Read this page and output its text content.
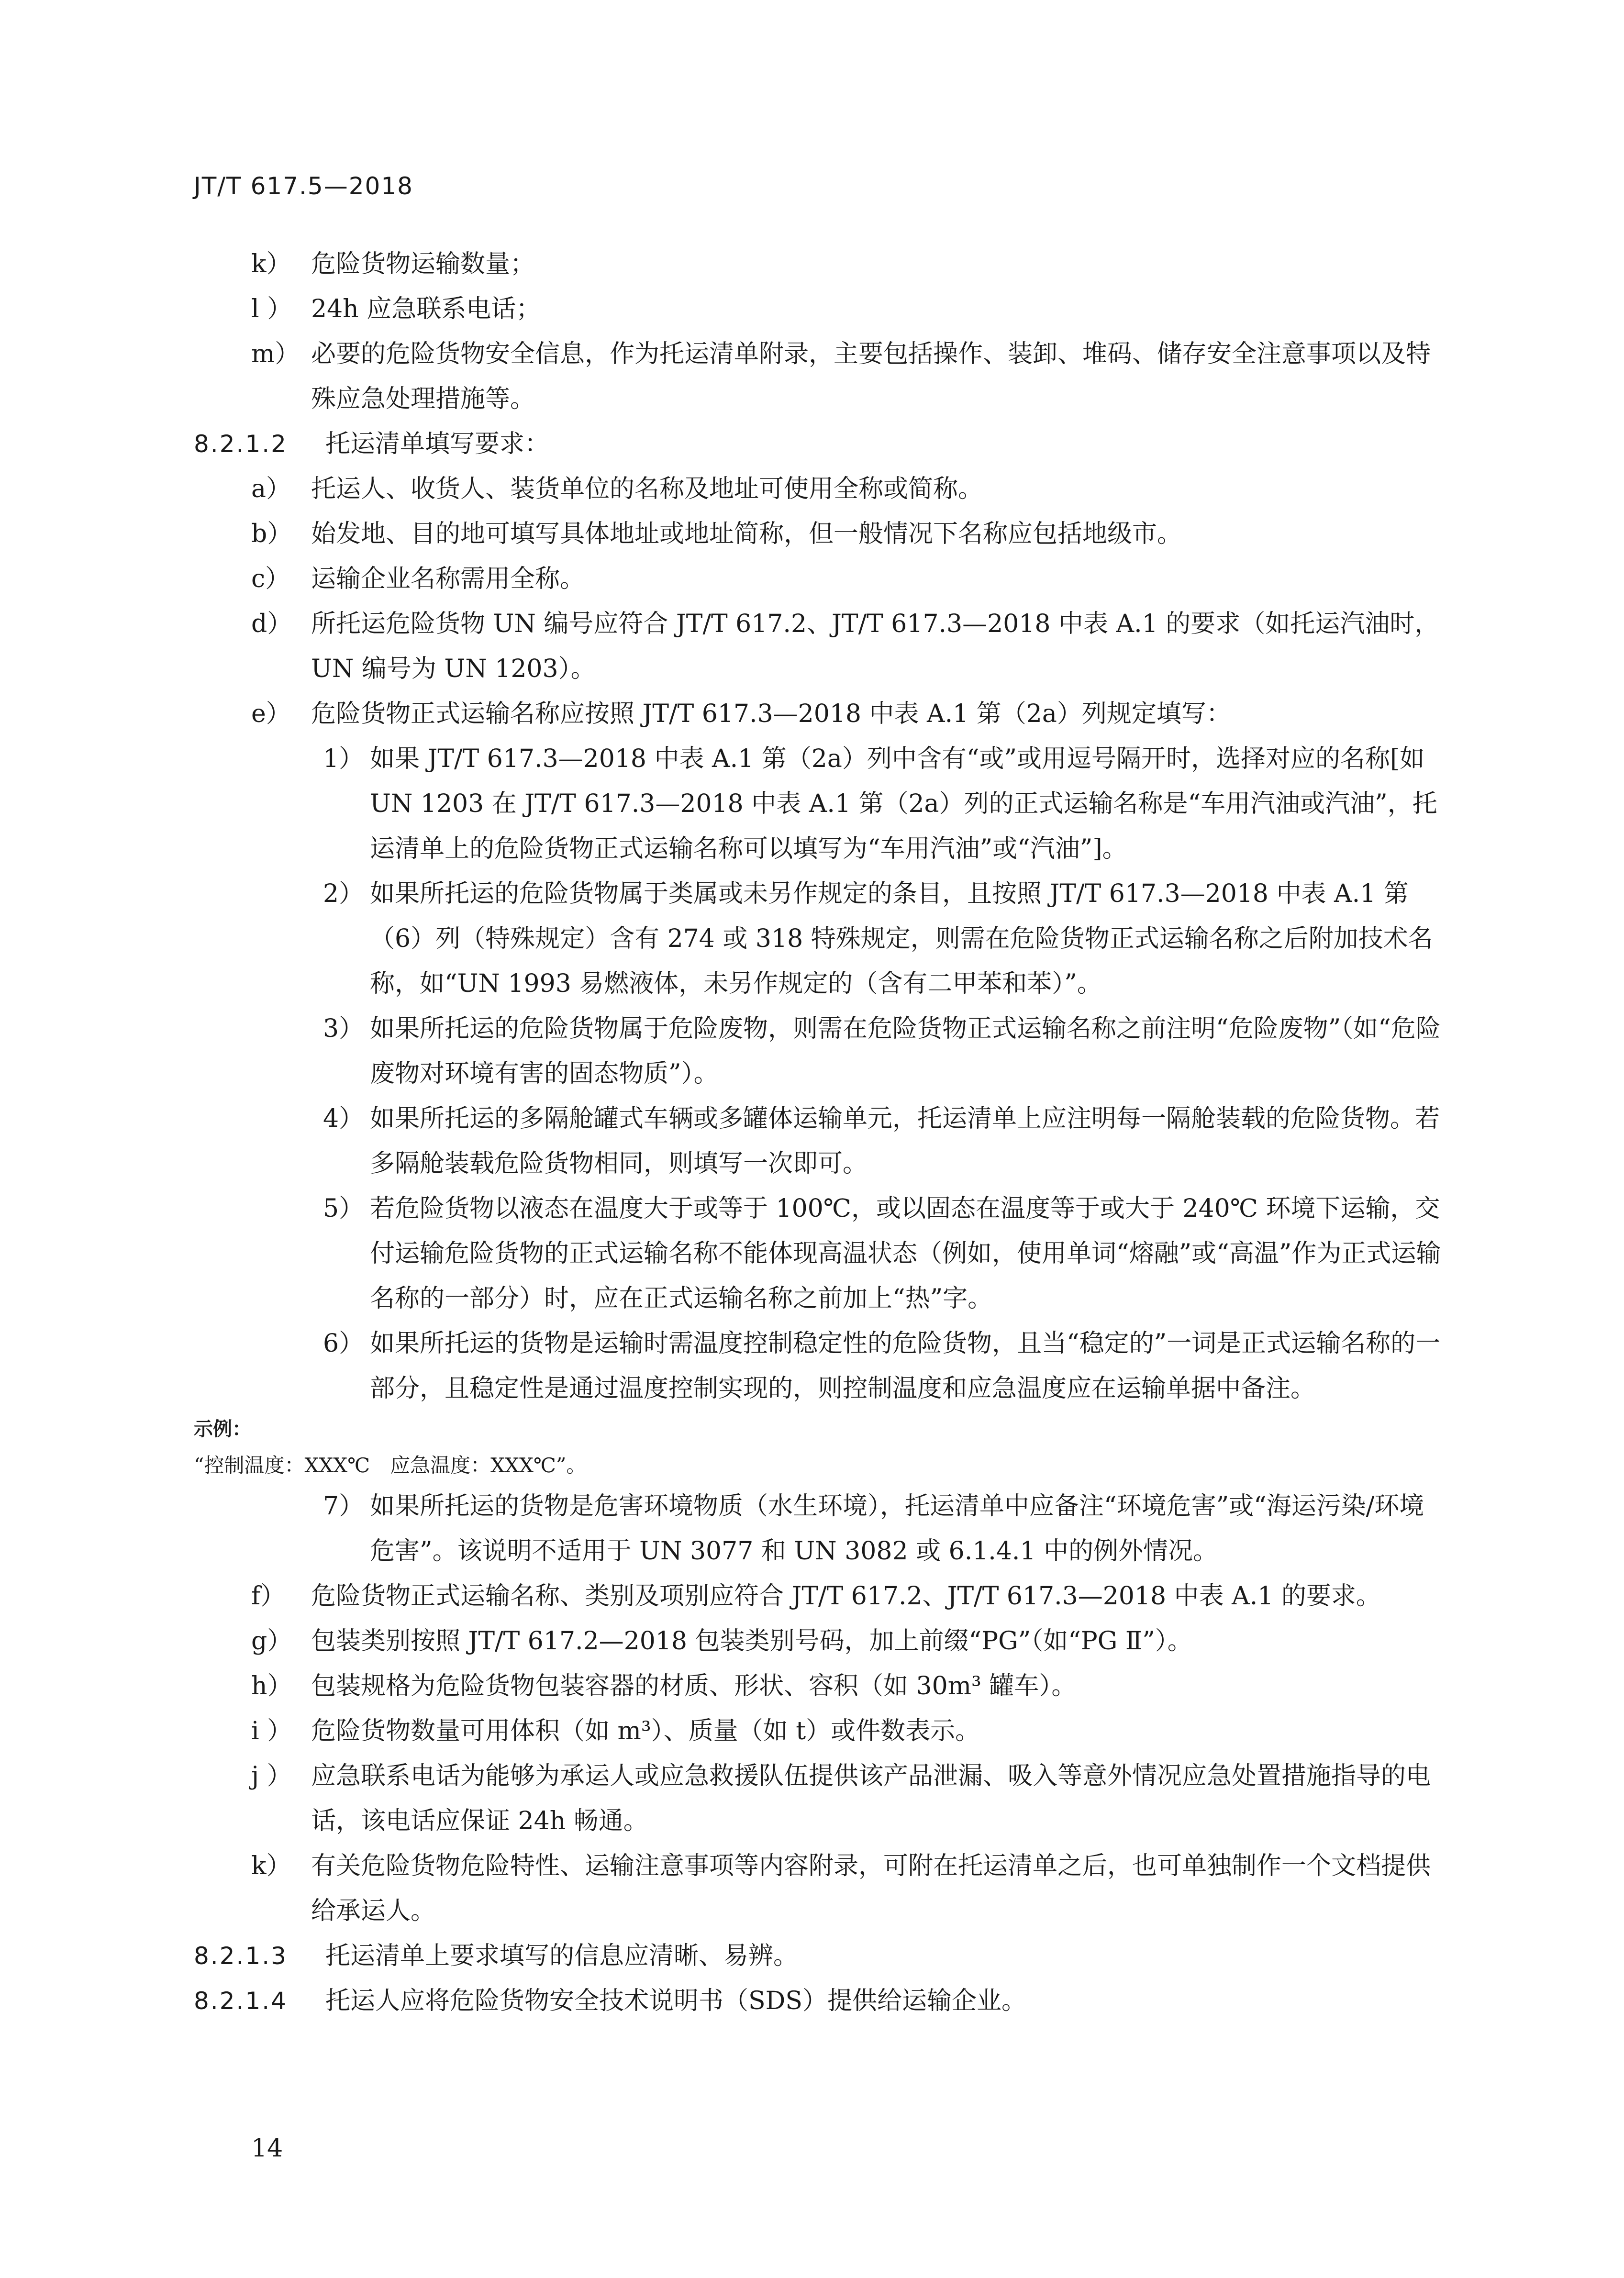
JT/T 617.5—2018
k） 危险货物运输数量；
l ） 24h 应急联系电话；
m） 必要的危险货物安全信息，作为托运清单附录，主要包括操作、装卸、堆码、储存安全注意事项以及特殊应急处理措施等。
8.2.1.2 托运清单填写要求：
a） 托运人、收货人、装货单位的名称及地址可使用全称或简称。
b） 始发地、目的地可填写具体地址或地址简称，但一般情况下名称应包括地级市。
c） 运输企业名称需用全称。
d） 所托运危险货物 UN 编号应符合 JT/T 617.2、JT/T 617.3—2018 中表 A.1 的要求（如托运汽油时，UN 编号为 UN 1203）。
e） 危险货物正式运输名称应按照 JT/T 617.3—2018 中表 A.1 第（2a）列规定填写：
1） 如果 JT/T 617.3—2018 中表 A.1 第（2a）列中含有“或”或用逗号隔开时，选择对应的名称[如 UN 1203 在 JT/T 617.3—2018 中表 A.1 第（2a）列的正式运输名称是“车用汽油或汽油”，托运清单上的危险货物正式运输名称可以填写为“车用汽油”或“汽油”]。
2） 如果所托运的危险货物属于类属或未另作规定的条目，且按照 JT/T 617.3—2018 中表 A.1 第（6）列（特殊规定）含有 274 或 318 特殊规定，则需在危险货物正式运输名称之后附加技术名称，如“UN 1993 易燃液体，未另作规定的（含有二甲苯和苯）”。
3） 如果所托运的危险货物属于危险废物，则需在危险货物正式运输名称之前注明“危险废物”（如“危险废物对环境有害的固态物质”）。
4） 如果所托运的多隔舱罐式车辆或多罐体运输单元，托运清单上应注明每一隔舱装载的危险货物。若多隔舱装载危险货物相同，则填写一次即可。
5） 若危险货物以液态在温度大于或等于 100℃，或以固态在温度等于或大于 240℃ 环境下运输，交付运输危险货物的正式运输名称不能体现高温状态（例如，使用单词“熔融”或“高温”作为正式运输名称的一部分）时，应在正式运输名称之前加上“热”字。
6） 如果所托运的货物是运输时需温度控制稳定性的危险货物，且当“稳定的”一词是正式运输名称的一部分，且稳定性是通过温度控制实现的，则控制温度和应急温度应在运输单据中备注。
示例：
“控制温度：XXX℃　应急温度：XXX℃”。
7） 如果所托运的货物是危害环境物质（水生环境），托运清单中应备注“环境危害”或“海运污染/环境危害”。该说明不适用于 UN 3077 和 UN 3082 或 6.1.4.1 中的例外情况。
f） 危险货物正式运输名称、类别及项别应符合 JT/T 617.2、JT/T 617.3—2018 中表 A.1 的要求。
g） 包装类别按照 JT/T 617.2—2018 包装类别号码，加上前缀“PG”（如“PG Ⅱ”）。
h） 包装规格为危险货物包装容器的材质、形状、容积（如 30m³ 罐车）。
i ） 危险货物数量可用体积（如 m³）、质量（如 t）或件数表示。
j ） 应急联系电话为能够为承运人或应急救援队伍提供该产品泄漏、吸入等意外情况应急处置措施指导的电话，该电话应保证 24h 畅通。
k） 有关危险货物危险特性、运输注意事项等内容附录，可附在托运清单之后，也可单独制作一个文档提供给承运人。
8.2.1.3 托运清单上要求填写的信息应清晰、易辨。
8.2.1.4 托运人应将危险货物安全技术说明书（SDS）提供给运输企业。
14
